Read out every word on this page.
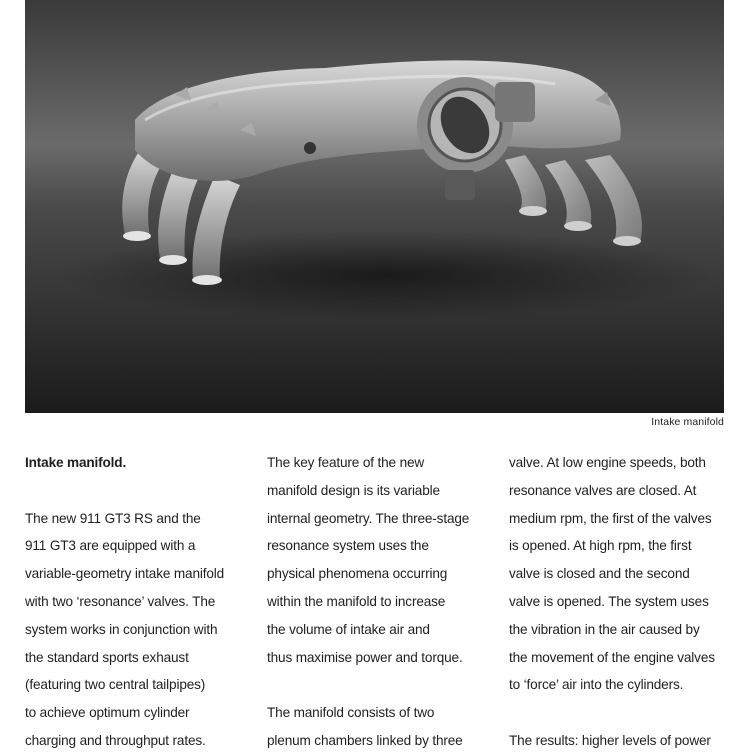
Intake manifold

Intake manifold.

The new 911 GT3 RS and the

911 GT3 are equipped with a

variable-geometry intake manifold

with two ‘resonance’ valves. The

system works in conjunction with

the standard sports exhaust

(featuring two central tailpipes)

to achieve optimum cylinder

charging and throughput rates.

The key feature of the new

manifold design is its variable

internal geometry. The three-stage

resonance system uses the

physical phenomena occurring

within the manifold to increase

the volume of intake air and

thus maximise power and torque.

The manifold consists of two

plenum chambers linked by three

valve. At low engine speeds, both

resonance valves are closed. At

medium rpm, the first of the valves

is opened. At high rpm, the first

valve is closed and the second

valve is opened. The system uses

the vibration in the air caused by

the movement of the engine valves

to ‘force’ air into the cylinders.

The results: higher levels of power
